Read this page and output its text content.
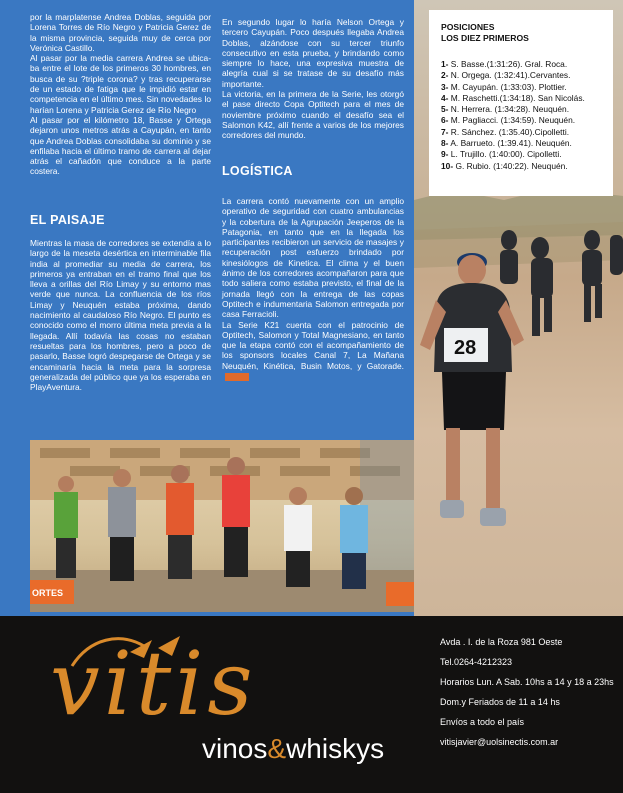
por la marplatense Andrea Doblas, seguida por Lorena Torres de Río Negro y Patricia Gerez de la misma provincia, seguida muy de cerca por Verónica Castillo.

Al pasar por la media carrera Andrea se ubica-ba entre el lote de los primeros 30 hombres, en busca de su ?triple corona? y tras recuperarse de un estado de fatiga que le impidió estar en competencia en el último mes. Sin novedades lo harían Lorena y Patricia Gerez de Río Negro

Al pasar por el kilómetro 18, Basse y Ortega dejaron unos metros atrás a Cayupán, en tanto que Andrea Doblas consolidaba su dominio y se enfilaba hacia el último tramo de carrera al dejar atrás el cañadón que conduce a la parte costera.

EL PAISAJE

Mientras la masa de corredores se extendía a lo largo de la meseta desértica en interminable fila india al promediar su media de carrera, los primeros ya entraban en el tramo final que los lleva a orillas del Río Limay y su entorno mas verde que nunca. La confluencia de los ríos Limay y Neuquén estaba próxima, dando nacimiento al caudaloso Río Negro. El punto es conocido como el morro última meta previa a la llegada. Allí todavía las cosas no estaban resueltas para los hombres, pero a poco de pasarlo, Basse logró despegarse de Ortega y se encaminaría hacia la meta para la sorpresa generalizada del público que ya los esperaba en PlayAventura.

En segundo lugar lo haría Nelson Ortega y tercero Cayupán. Poco después llegaba Andrea Doblas, alzándose con su tercer triunfo consecutivo en esta prueba, y brindando como siempre lo hace, una expresiva muestra de alegría cual si se tratase de su desafío más importante.

La victoria, en la primera de la Serie, les otorgó el pase directo Copa Optitech para el mes de noviembre próximo cuando el desafío sea el Salomon K42, allí frente a varios de los mejores corredores del mundo.

LOGÍSTICA

La carrera contó nuevamente con un amplio operativo de seguridad con cuatro ambulancias y la cobertura de la Agrupación Jeeperos de la Patagonia, en tanto que en la llegada los participantes recibieron un servicio de masajes y recuperación post esfuerzo brindado por kinesiólogos de Kinetica. El clima y el buen ánimo de los corredores acompañaron para que todo saliera como estaba previsto, el final de la jornada llegó con la entrega de las copas Optitech e indumentaria Salomon entregada por casa Ferracioli.

La Serie K21 cuenta con el patrocinio de Optitech, Salomon y Total Magnesiano, en tanto que la etapa contó con el acompañamiento de los sponsors locales Canal 7, La Mañana Neuquén, Kinética, Busin Motos, y Gatorade.

28
POSICIONES
LOS DIEZ PRIMEROS
1- S. Basse.(1:31:26). Gral. Roca.
2- N. Orgega. (1:32:41).Cervantes.
3- M. Cayupán. (1:33:03). Plottier.
4- M. Raschetti.(1:34:18). San Nicolás.
5- N. Herrera. (1:34:28). Neuquén.
6- M. Pagliacci. (1:34:59). Neuquén.
7- R. Sánchez. (1:35.40).Cipolletti.
8- A. Barrueto. (1:39.41). Neuquén.
9- L. Trujillo. (1:40:00). Cipolletti.
10- G. Rubio. (1:40:22). Neuquén.
ORTES
vitis
vinos&whiskys

Avda . I. de la Roza 981 Oeste

Tel.0264-4212323

Horarios Lun. A Sab. 10hs a 14 y 18 a 23hs

Dom.y Feriados de 11 a 14 hs

Envíos a todo el país

vitisjavier@uolsinectis.com.ar
